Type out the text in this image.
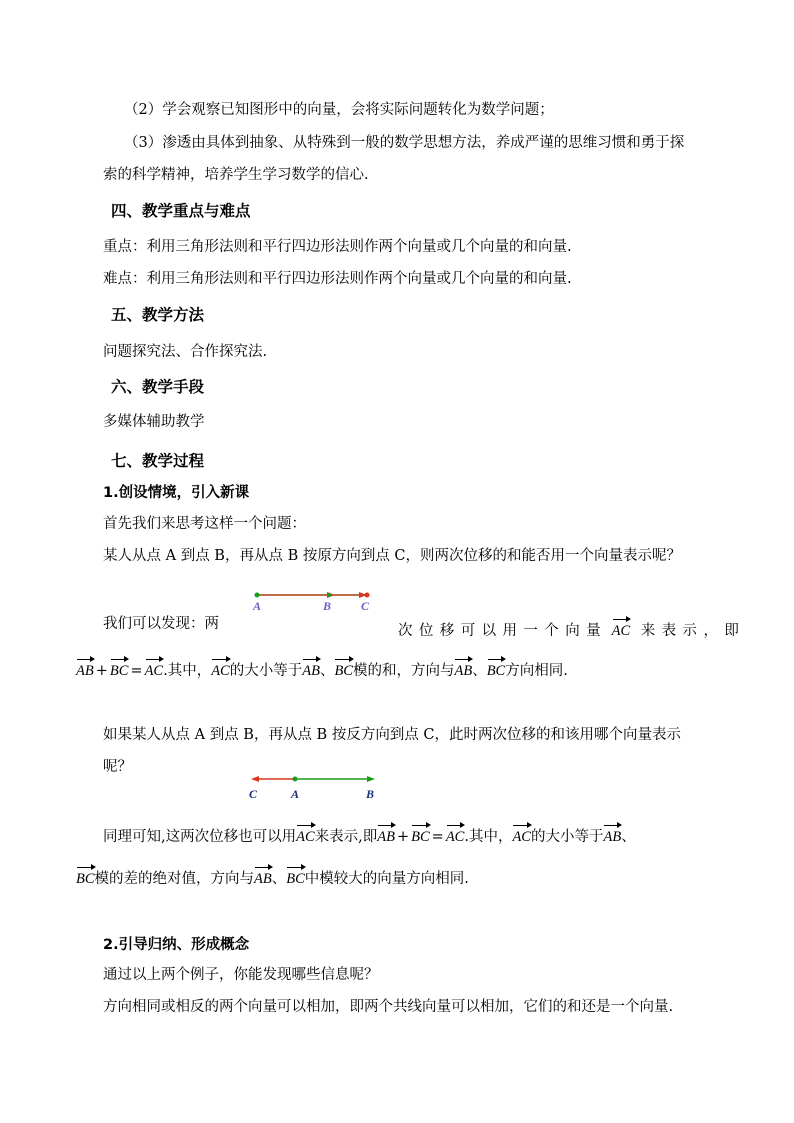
（2）学会观察已知图形中的向量，会将实际问题转化为数学问题；
（3）渗透由具体到抽象、从特殊到一般的数学思想方法，养成严谨的思维习惯和勇于探
索的科学精神，培养学生学习数学的信心.
四、教学重点与难点
重点：利用三角形法则和平行四边形法则作两个向量或几个向量的和向量.
难点：利用三角形法则和平行四边形法则作两个向量或几个向量的和向量.
五、教学方法
问题探究法、合作探究法.
六、教学手段
多媒体辅助教学
七、教学过程
1.创设情境，引入新课
首先我们来思考这样一个问题：
某人从点 A 到点 B，再从点 B 按原方向到点 C，则两次位移的和能否用一个向量表示呢？
A	B C
我们可以发现：两	次位移可以用一个向量 AC 来表示，即
AB + BC = AC.其中，AC的大小等于AB、BC模的和，方向与AB、BC方向相同.
如果某人从点 A 到点 B，再从点 B 按反方向到点 C，此时两次位移的和该用哪个向量表示
呢？
C	A	B
同理可知,这两次位移也可以用AC来表示,即AB + BC = AC.其中，AC的大小等于AB、
BC模的差的绝对值，方向与AB、BC中模较大的向量方向相同.
2.引导归纳、形成概念
通过以上两个例子，你能发现哪些信息呢？
方向相同或相反的两个向量可以相加，即两个共线向量可以相加，它们的和还是一个向量.
